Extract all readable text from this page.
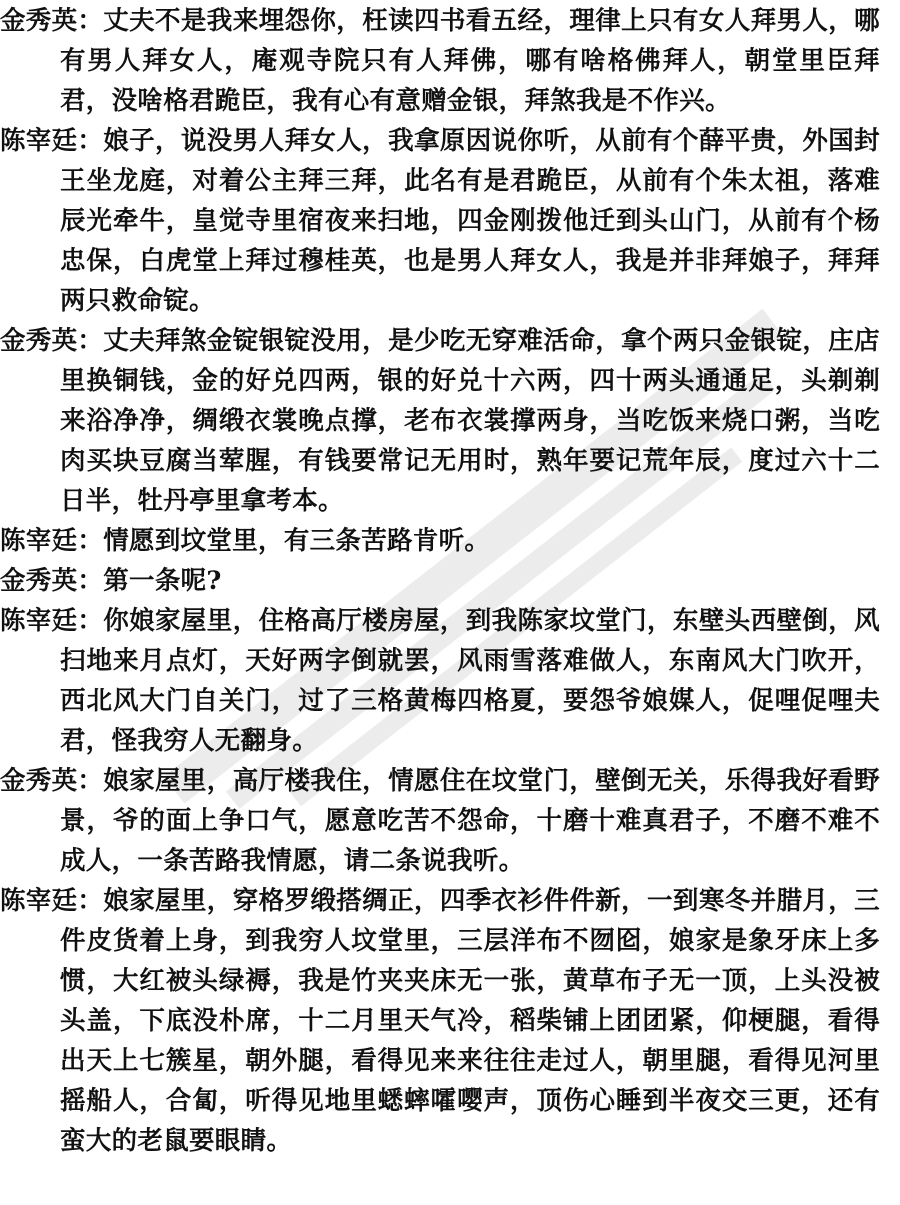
金秀英： 丈夫不是我来埋怨你，枉读四书看五经，理律上只有女人拜男人，哪有男人拜女人，庵观寺院只有人拜佛，哪有啥格佛拜人，朝堂里臣拜君，没啥格君跪臣，我有心有意赠金银，拜煞我是不作兴。

陈宰廷： 娘子，说没男人拜女人，我拿原因说你听，从前有个薛平贵，外国封王坐龙庭，对着公主拜三拜，此名有是君跪臣，从前有个朱太祖，落难辰光牵牛，皇觉寺里宿夜来扫地，四金刚拨他迁到头山门，从前有个杨忠保，白虎堂上拜过穆桂英，也是男人拜女人，我是并非拜娘子，拜拜两只救命锭。

金秀英： 丈夫拜煞金锭银锭没用，是少吃无穿难活命，拿个两只金银锭，庄店里换铜钱，金的好兑四两，银的好兑十六两，四十两头通通足，头剃剃来浴净净，绸缎衣裳晚点撑，老布衣裳撑两身，当吃饭来烧口粥，当吃肉买块豆腐当荤腥，有钱要常记无用时，熟年要记荒年辰，度过六十二日半，牡丹亭里拿考本。

陈宰廷： 情愿到坟堂里，有三条苦路肯听。

金秀英： 第一条呢?

陈宰廷： 你娘家屋里，住格高厅楼房屋，到我陈家坟堂门，东壁头西壁倒，风扫地来月点灯，天好两字倒就罢，风雨雪落难做人，东南风大门吹开，西北风大门自关门，过了三格黄梅四格夏，要怨爷娘媒人，促哩促哩夫君，怪我穷人无翻身。

金秀英： 娘家屋里，高厅楼我住，情愿住在坟堂门，壁倒无关，乐得我好看野景，爷的面上争口气，愿意吃苦不怨命，十磨十难真君子，不磨不难不成人，一条苦路我情愿，请二条说我听。

陈宰廷： 娘家屋里，穿格罗缎搭绸正，四季衣衫件件新，一到寒冬并腊月，三件皮货着上身，到我穷人坟堂里，三层洋布不囫囵，娘家是象牙床上多惯，大红被头绿褥，我是竹夹夹床无一张，黄草布子无一顶，上头没被头盖，下底没朴席，十二月里天气冷，稻柴铺上团团紧，仰梗腿，看得出天上七簇星，朝外腿，看得见来来往往走过人，朝里腿，看得见河里摇船人，合匐，听得见地里蟋蟀嚯嘤声，顶伤心睡到半夜交三更，还有蛮大的老鼠要眼睛。
